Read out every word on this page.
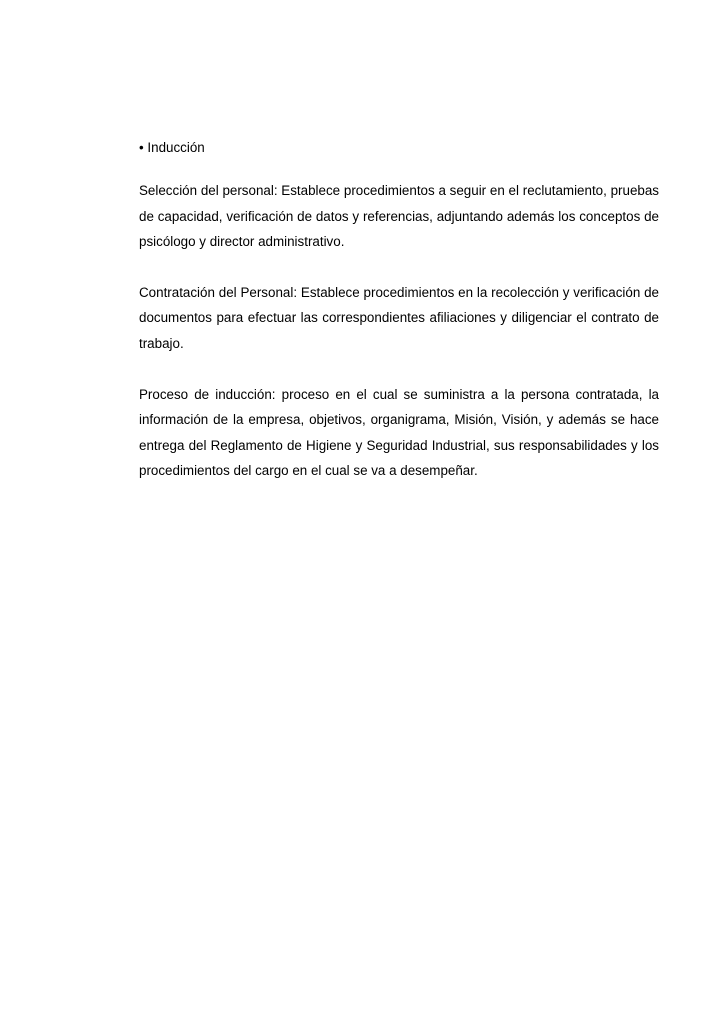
• Inducción

Selección del personal: Establece procedimientos a seguir en el reclutamiento, pruebas de capacidad, verificación de datos y referencias, adjuntando además los conceptos de psicólogo y director administrativo.

Contratación del Personal: Establece procedimientos en la recolección y verificación de documentos para efectuar las correspondientes afiliaciones y diligenciar el contrato de trabajo.

Proceso de inducción: proceso en el cual se suministra a la persona contratada, la información de la empresa, objetivos, organigrama, Misión, Visión, y además se hace entrega del Reglamento de Higiene y Seguridad Industrial, sus responsabilidades y los procedimientos del cargo en el cual se va a desempeñar.
